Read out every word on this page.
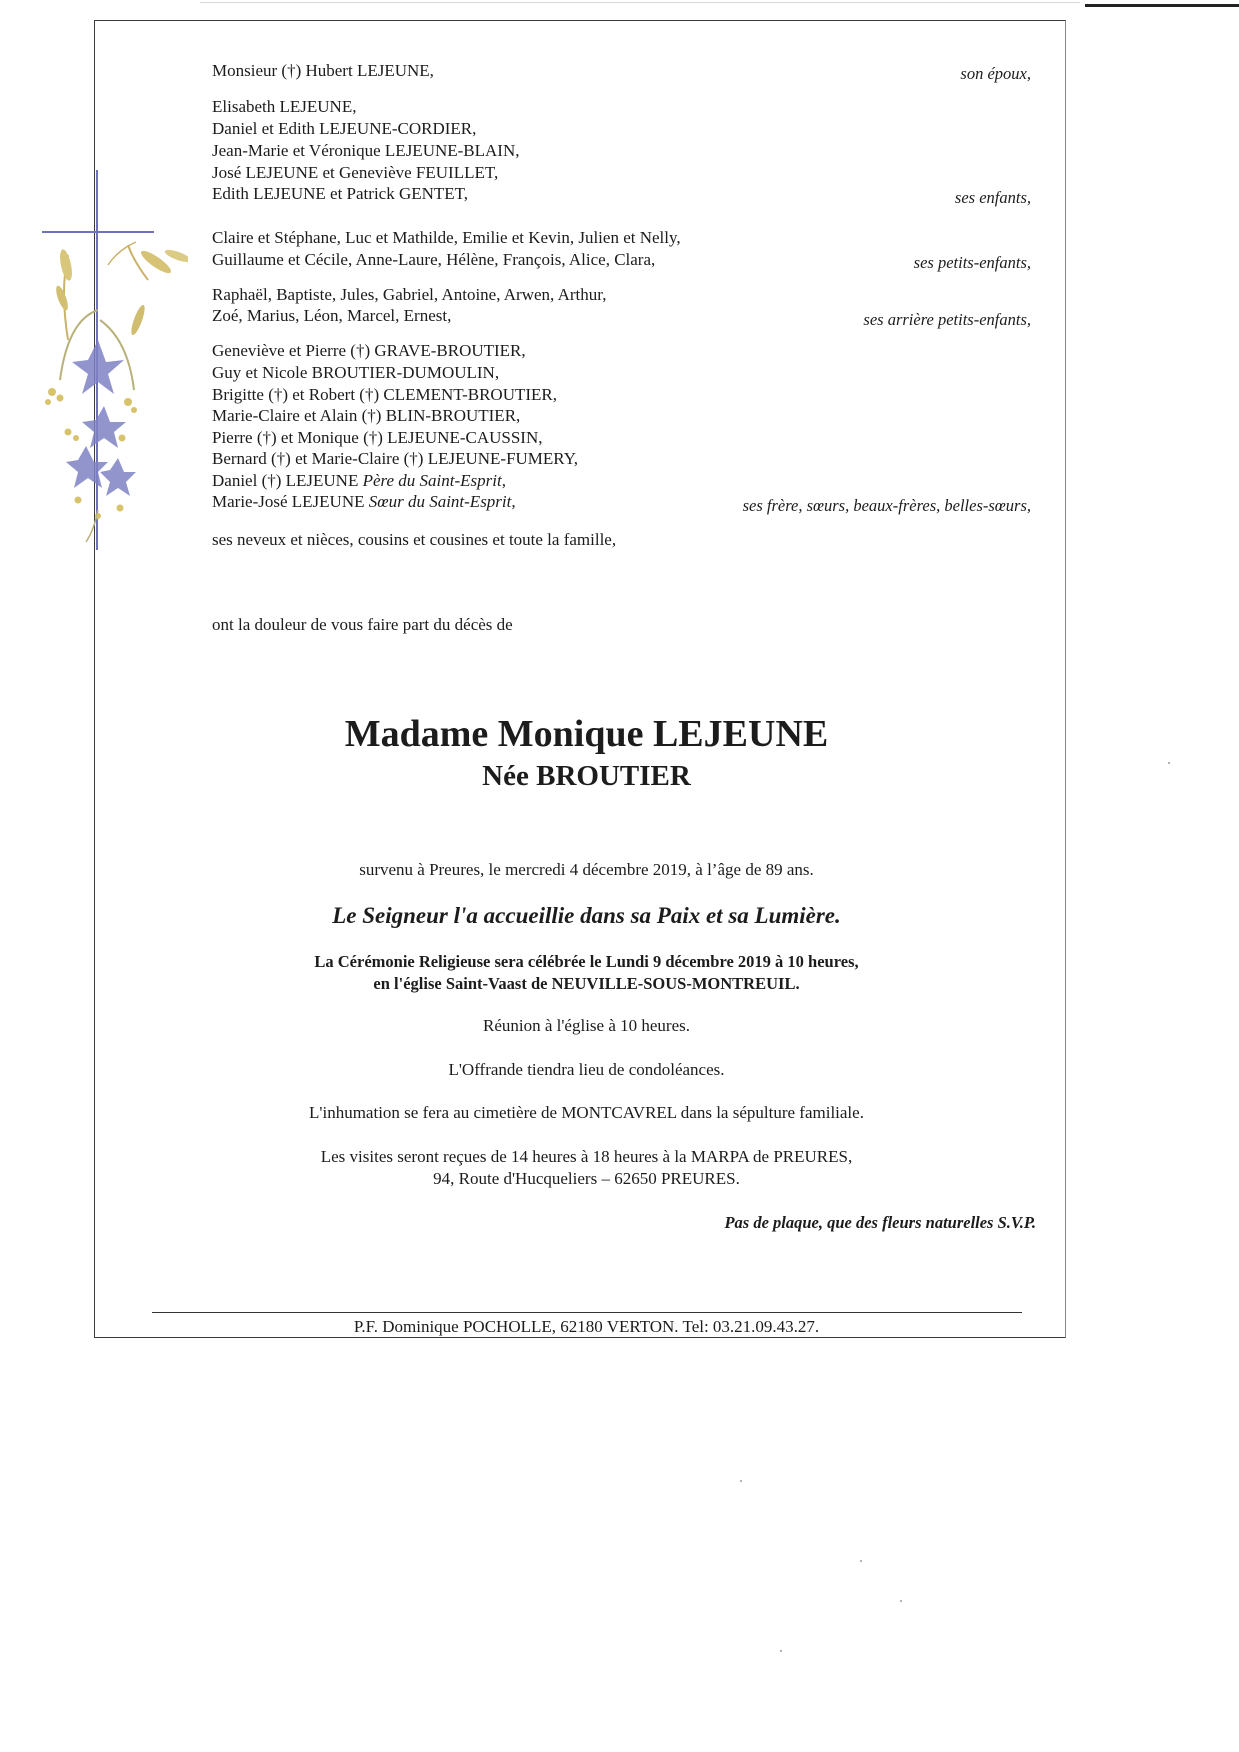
Monsieur (†) Hubert LEJEUNE,	son époux,
Elisabeth LEJEUNE,
Daniel et Edith LEJEUNE-CORDIER,
Jean-Marie et Véronique LEJEUNE-BLAIN,
José LEJEUNE et Geneviève FEUILLET,
Edith LEJEUNE et Patrick GENTET,	ses enfants,
Claire et Stéphane, Luc et Mathilde, Emilie et Kevin, Julien et Nelly,
Guillaume et Cécile, Anne-Laure, Hélène, François, Alice, Clara,	ses petits-enfants,
Raphaël, Baptiste, Jules, Gabriel, Antoine, Arwen, Arthur,
Zoé, Marius, Léon, Marcel, Ernest,	ses arrière petits-enfants,
Geneviève et Pierre (†) GRAVE-BROUTIER,
Guy et Nicole BROUTIER-DUMOULIN,
Brigitte (†) et Robert (†) CLEMENT-BROUTIER,
Marie-Claire et Alain (†) BLIN-BROUTIER,
Pierre (†) et Monique (†) LEJEUNE-CAUSSIN,
Bernard (†) et Marie-Claire (†) LEJEUNE-FUMERY,
Daniel (†) LEJEUNE Père du Saint-Esprit,
Marie-José LEJEUNE Sœur du Saint-Esprit,	ses frère, sœurs, beaux-frères, belles-sœurs,
ses neveux et nièces, cousins et cousines et toute la famille,
ont la douleur de vous faire part du décès de
Madame Monique LEJEUNE
Née BROUTIER
survenu à Preures, le mercredi 4 décembre 2019, à l’âge de 89 ans.
Le Seigneur l'a accueillie dans sa Paix et sa Lumière.
La Cérémonie Religieuse sera célébrée le Lundi 9 décembre 2019 à 10 heures,
en l'église Saint-Vaast de NEUVILLE-SOUS-MONTREUIL.
Réunion à l'église à 10 heures.
L'Offrande tiendra lieu de condoléances.
L'inhumation se fera au cimetière de MONTCAVREL dans la sépulture familiale.
Les visites seront reçues de 14 heures à 18 heures à la MARPA de PREURES,
94, Route d'Hucqueliers – 62650 PREURES.
Pas de plaque, que des fleurs naturelles S.V.P.
P.F. Dominique POCHOLLE, 62180 VERTON. Tel: 03.21.09.43.27.
